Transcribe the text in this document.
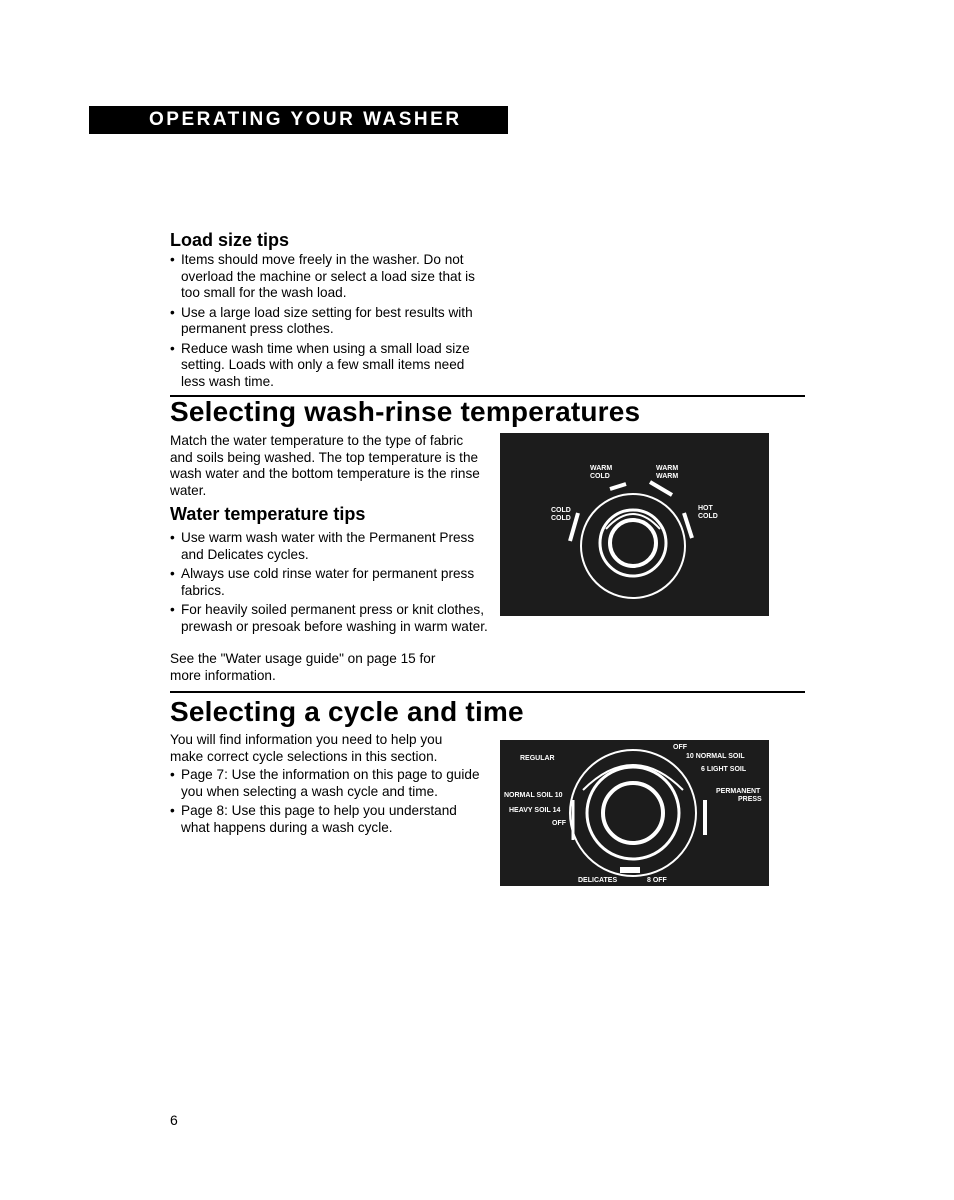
OPERATING YOUR WASHER
Load size tips
• Items should move freely in the washer. Do not overload the machine or select a load size that is too small for the wash load.
• Use a large load size setting for best results with permanent press clothes.
• Reduce wash time when using a small load size setting. Loads with only a few small items need less wash time.
Selecting wash-rinse temperatures
Match the water temperature to the type of fabric and soils being washed. The top temperature is the wash water and the bottom temperature is the rinse water.
Water temperature tips
• Use warm wash water with the Permanent Press and Delicates cycles.
• Always use cold rinse water for permanent press fabrics.
• For heavily soiled permanent press or knit clothes, prewash or presoak before washing in warm water.
See the "Water usage guide" on page 15 for more information.
WARM
COLD
WARM
WARM
COLD
COLD
HOT
COLD
Selecting a cycle and time
You will find information you need to help you make correct cycle selections in this section.
• Page 7: Use the information on this page to guide you when selecting a wash cycle and time.
• Page 8: Use this page to help you understand what happens during a wash cycle.
REGULAR
OFF
10 NORMAL SOIL
6 LIGHT SOIL
PERMANENT
PRESS
NORMAL SOIL 10
HEAVY SOIL 14
OFF
DELICATES	8 OFF
6
